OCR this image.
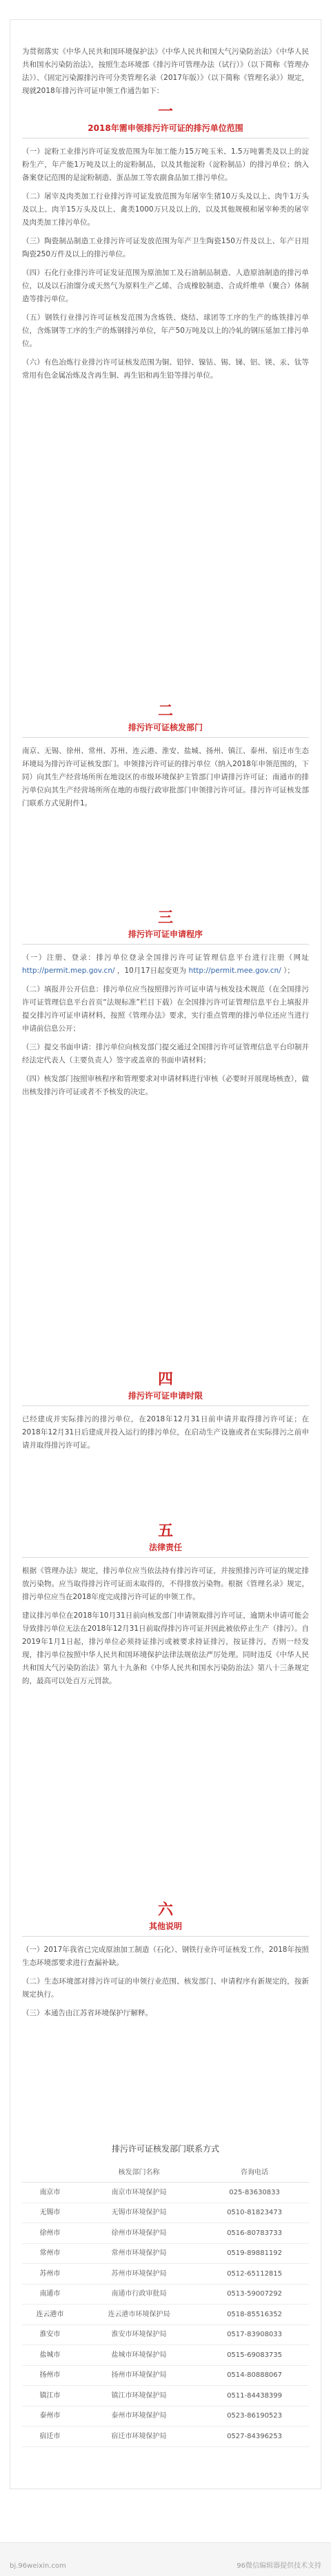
为贯彻落实《中华人民共和国环境保护法》《中华人民共和国大气污染防治法》《中华人民共和国水污染防治法》，按照生态环境部《排污许可管理办法（试行）》（以下简称《管理办法》）、《固定污染源排污许可分类管理名录（2017年版）》（以下简称《管理名录》）规定，现就2018年排污许可证申领工作通告如下：

一
2018年需申领排污许可证的排污单位范围

（一）淀粉工业排污许可证发放范围为年加工能力15万吨玉米、1.5万吨薯类及以上的淀粉生产，年产能1万吨及以上的淀粉制品，以及其他淀粉（淀粉制品）的排污单位；纳入备案登记范围的是淀粉制造、蛋品加工等农副食品加工排污单位。

（二）屠宰及肉类加工行业排污许可证发放范围为年屠宰生猪10万头及以上、肉牛1万头及以上、肉羊15万头及以上、禽类1000万只及以上的，以及其他规模和屠宰种类的屠宰及肉类加工排污单位。

（三）陶瓷制品制造工业排污许可证发放范围为年产卫生陶瓷150万件及以上、年产日用陶瓷250万件及以上的排污单位。

（四）石化行业排污许可证发证范围为原油加工及石油制品制造、人造原油制造的排污单位，以及以石油馏分或天然气为原料生产乙烯、合成橡胶制造、合成纤维单（聚合）体制造等排污单位。

（五）钢铁行业排污许可证核发范围为含炼铁、烧结、球团等工序的生产的炼铁排污单位，含炼钢等工序的生产的炼钢排污单位，年产50万吨及以上的冷轧的钢压延加工排污单位。

（六）有色冶炼行业排污许可证核发范围为铜、铅锌、镍钴、锡、锑、铝、镁、汞、钛等常用有色金属冶炼及含再生铜、再生铝和再生铅等排污单位。

二
排污许可证核发部门

南京、无锡、徐州、常州、苏州、连云港、淮安、盐城、扬州、镇江、泰州、宿迁市生态环境局为排污许可证核发部门。申领排污许可证的排污单位（纳入2018年申领范围的，下同）向其生产经营场所所在地设区的市级环境保护主管部门申请排污许可证；南通市的排污单位向其生产经营场所所在地的市级行政审批部门申领排污许可证。排污许可证核发部门联系方式见附件1。

三
排污许可证申请程序

（一）注册、登录：排污单位登录全国排污许可证管理信息平台进行注册（网址 http://permit.mep.gov.cn/ ，10月17日起变更为 http://permit.mee.gov.cn/ ）；

（二）填报并公开信息：排污单位应当按照排污许可证申请与核发技术规范（在全国排污许可证管理信息平台首页“法规标准”栏目下载）在全国排污许可证管理信息平台上填报并提交排污许可证申请材料，按照《管理办法》要求，实行重点管理的排污单位还应当进行申请前信息公开；

（三）提交书面申请：排污单位向核发部门提交通过全国排污许可证管理信息平台印制并经法定代表人（主要负责人）签字或盖章的书面申请材料；

（四）核发部门按照审核程序和管理要求对申请材料进行审核（必要时开展现场核查），做出核发排污许可证或者不予核发的决定。

四
排污许可证申请时限

已经建成并实际排污的排污单位，在2018年12月31日前申请并取得排污许可证；在2018年12月31日后建成并投入运行的排污单位，在启动生产设施或者在实际排污之前申请并取得排污许可证。

五
法律责任

根据《管理办法》规定，排污单位应当依法持有排污许可证，并按照排污许可证的规定排放污染物。应当取得排污许可证而未取得的，不得排放污染物。根据《管理名录》规定，排污单位应当在2018年度完成排污许可证的申领工作。

建议排污单位在2018年10月31日前向核发部门申请领取排污许可证，逾期未申请可能会导致排污单位无法在2018年12月31日前取得排污许可证并因此被依停止生产（排污）。自2019年1月1日起，排污单位必须持证排污或被要求持证排污，按证排污，否则一经发现，排污单位按照中华人民共和国环境保护法律法规依法严厉处理。同时违反《中华人民共和国大气污染防治法》第九十九条和《中华人民共和国水污染防治法》第八十三条规定的，最高可以处百万元罚款。

六
其他说明

（一）2017年我省已完成原油加工制造（石化）、钢铁行业许可证核发工作，2018年按照生态环境部要求进行查漏补缺。

（二）生态环境部对排污许可证的申领行业范围、核发部门、申请程序有新规定的，按新规定执行。

（三）本通告由江苏省环境保护厅解释。

排污许可证核发部门联系方式
	核发部门名称	咨询电话
南京市	南京市环境保护局	025-83630833
无锡市	无锡市环境保护局	0510-81823473
徐州市	徐州市环境保护局	0516-80783733
常州市	常州市环境保护局	0519-89881192
苏州市	苏州市环境保护局	0512-65112815
南通市	南通市行政审批局	0513-59007292
连云港市	连云港市环境保护局	0518-85516352
淮安市	淮安市环境保护局	0517-83908033
盐城市	盐城市环境保护局	0515-69083735
扬州市	扬州市环境保护局	0514-80888067
镇江市	镇江市环境保护局	0511-84438399
泰州市	泰州市环境保护局	0523-86190523
宿迁市	宿迁市环境保护局	0527-84396253
bj.96weixin.com	96微信编辑器提供技术支持
